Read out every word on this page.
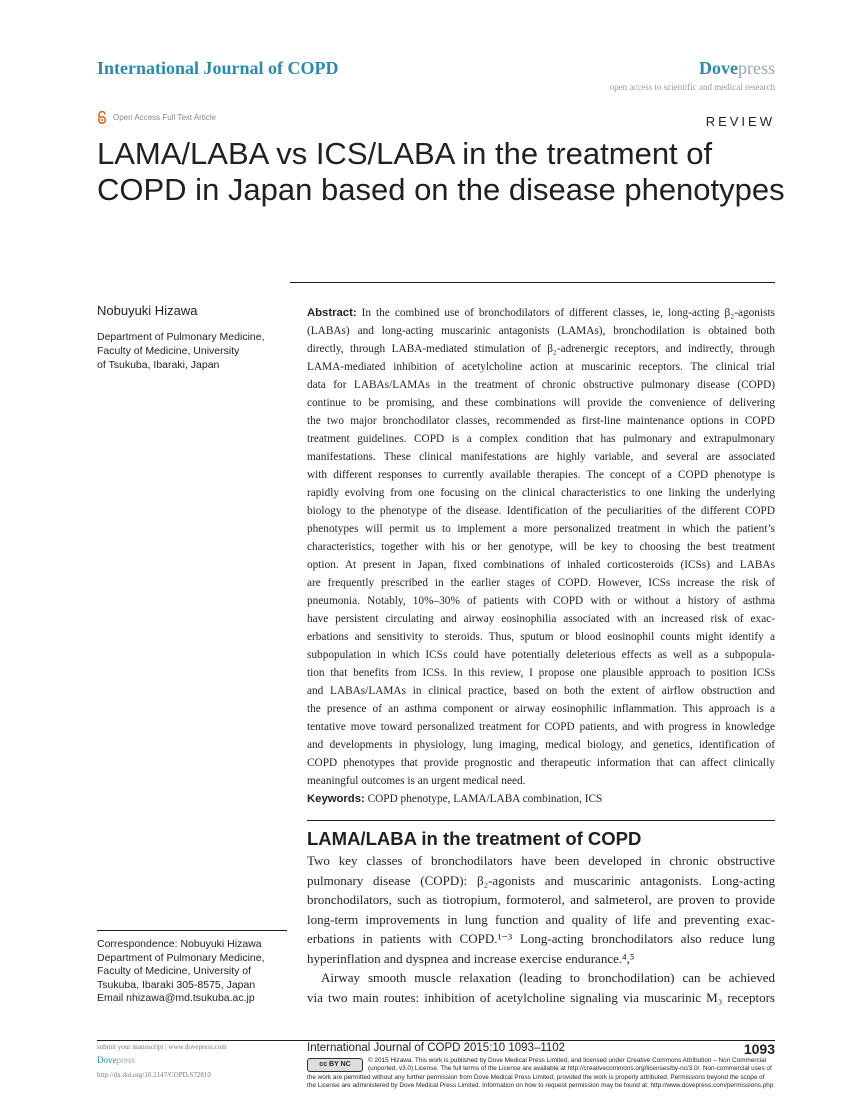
International Journal of COPD	Dovepress
open access to scientific and medical research
Open Access Full Text Article	REVIEW
LAMA/LABA vs ICS/LABA in the treatment of
COPD in Japan based on the disease phenotypes
Nobuyuki Hizawa
Department of Pulmonary Medicine,
Faculty of Medicine, University
of Tsukuba, Ibaraki, Japan
Abstract: In the combined use of bronchodilators of different classes, ie, long-acting β₂-agonists
(LABAs) and long-acting muscarinic antagonists (LAMAs), bronchodilation is obtained both
directly, through LABA-mediated stimulation of β₂-adrenergic receptors, and indirectly, through
LAMA-mediated inhibition of acetylcholine action at muscarinic receptors. The clinical trial
data for LABAs/LAMAs in the treatment of chronic obstructive pulmonary disease (COPD)
continue to be promising, and these combinations will provide the convenience of delivering
the two major bronchodilator classes, recommended as first-line maintenance options in COPD
treatment guidelines. COPD is a complex condition that has pulmonary and extrapulmonary
manifestations. These clinical manifestations are highly variable, and several are associated
with different responses to currently available therapies. The concept of a COPD phenotype is
rapidly evolving from one focusing on the clinical characteristics to one linking the underlying
biology to the phenotype of the disease. Identification of the peculiarities of the different COPD
phenotypes will permit us to implement a more personalized treatment in which the patient’s
characteristics, together with his or her genotype, will be key to choosing the best treatment
option. At present in Japan, fixed combinations of inhaled corticosteroids (ICSs) and LABAs
are frequently prescribed in the earlier stages of COPD. However, ICSs increase the risk of
pneumonia. Notably, 10%–30% of patients with COPD with or without a history of asthma
have persistent circulating and airway eosinophilia associated with an increased risk of exac-
erbations and sensitivity to steroids. Thus, sputum or blood eosinophil counts might identify a
subpopulation in which ICSs could have potentially deleterious effects as well as a subpopula-
tion that benefits from ICSs. In this review, I propose one plausible approach to position ICSs
and LABAs/LAMAs in clinical practice, based on both the extent of airflow obstruction and
the presence of an asthma component or airway eosinophilic inflammation. This approach is a
tentative move toward personalized treatment for COPD patients, and with progress in knowledge
and developments in physiology, lung imaging, medical biology, and genetics, identification of
COPD phenotypes that provide prognostic and therapeutic information that can affect clinically
meaningful outcomes is an urgent medical need.
Keywords: COPD phenotype, LAMA/LABA combination, ICS
LAMA/LABA in the treatment of COPD
Two key classes of bronchodilators have been developed in chronic obstructive
pulmonary disease (COPD): β₂-agonists and muscarinic antagonists. Long-acting
bronchodilators, such as tiotropium, formoterol, and salmeterol, are proven to provide
long-term improvements in lung function and quality of life and preventing exac-
erbations in patients with COPD.¹⁻³ Long-acting bronchodilators also reduce lung
hyperinflation and dyspnea and increase exercise endurance.⁴,⁵
Airway smooth muscle relaxation (leading to bronchodilation) can be achieved
via two main routes: inhibition of acetylcholine signaling via muscarinic M₃ receptors
Correspondence: Nobuyuki Hizawa
Department of Pulmonary Medicine,
Faculty of Medicine, University of
Tsukuba, Ibaraki 305-8575, Japan
Email nhizawa@md.tsukuba.ac.jp
submit your manuscript | www.dovepress.com
Dovepress
http://dx.doi.org/10.2147/COPD.S72810
International Journal of COPD 2015:10 1093–1102	1093
cc BY NC
© 2015 Hizawa. This work is published by Dove Medical Press Limited, and licensed under Creative Commons Attribution – Non Commercial (unported, v3.0) License. The full terms of the License are available at http://creativecommons.org/licenses/by-nc/3.0/. Non-commercial uses of the work are permitted without any further permission from Dove Medical Press Limited, provided the work is properly attributed. Permissions beyond the scope of the License are administered by Dove Medical Press Limited. Information on how to request permission may be found at: http://www.dovepress.com/permissions.php
